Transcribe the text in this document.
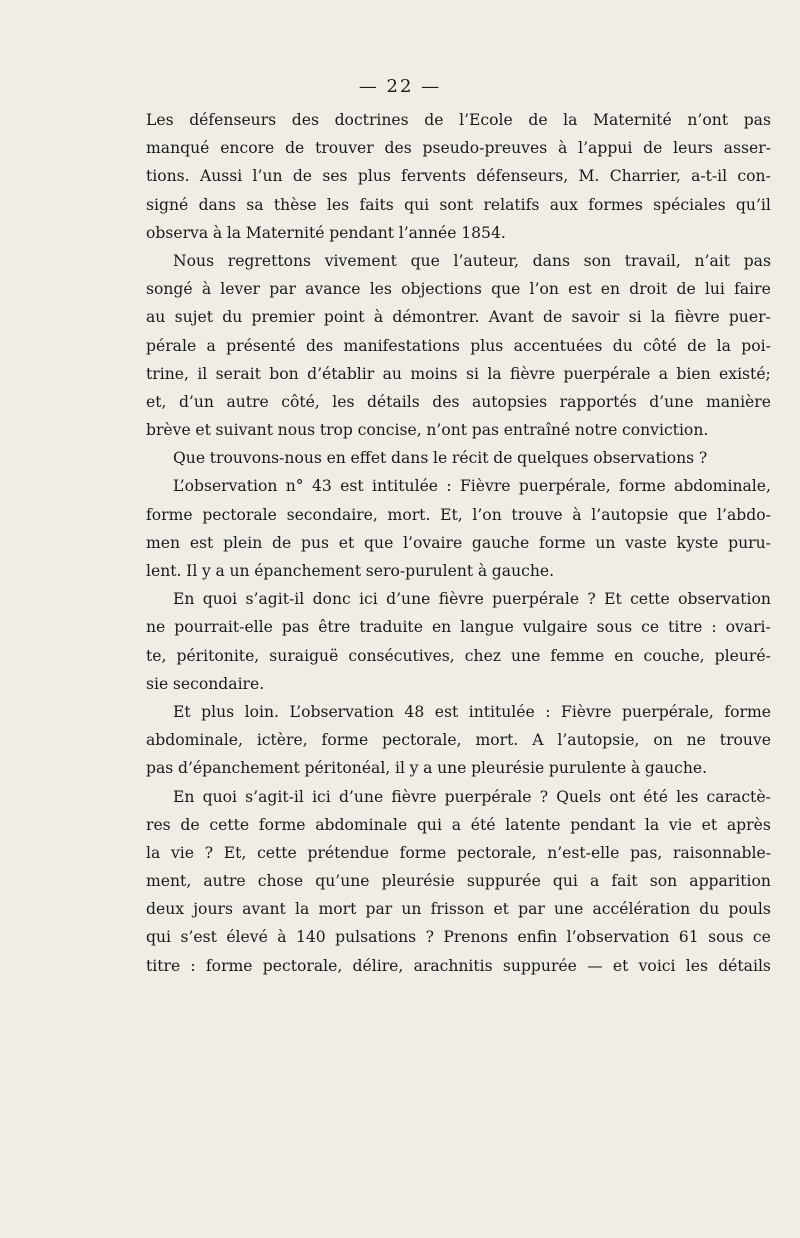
— 22 —
Les défenseurs des doctrines de l’Ecole de la Maternité n’ont pas
manqué encore de trouver des pseudo-preuves à l’appui de leurs asser-
tions. Aussi l’un de ses plus fervents défenseurs, M. Charrier, a-t-il con-
signé dans sa thèse les faits qui sont relatifs aux formes spéciales qu’il
observa à la Maternité pendant l’année 1854.
Nous regrettons vivement que l’auteur, dans son travail, n’ait pas
songé à lever par avance les objections que l’on est en droit de lui faire
au sujet du premier point à démontrer. Avant de savoir si la fièvre puer-
pérale a présenté des manifestations plus accentuées du côté de la poi-
trine, il serait bon d’établir au moins si la fièvre puerpérale a bien existé;
et, d’un autre côté, les détails des autopsies rapportés d’une manière
brève et suivant nous trop concise, n’ont pas entraîné notre conviction.
Que trouvons-nous en effet dans le récit de quelques observations ?
L’observation n° 43 est intitulée : Fièvre puerpérale, forme abdominale,
forme pectorale secondaire, mort. Et, l’on trouve à l’autopsie que l’abdo-
men est plein de pus et que l’ovaire gauche forme un vaste kyste puru-
lent. Il y a un épanchement sero-purulent à gauche.
En quoi s’agit-il donc ici d’une fièvre puerpérale ? Et cette observation
ne pourrait-elle pas être traduite en langue vulgaire sous ce titre : ovari-
te, péritonite, suraiguë consécutives, chez une femme en couche, pleuré-
sie secondaire.
Et plus loin. L’observation 48 est intitulée : Fièvre puerpérale, forme
abdominale, ictère, forme pectorale, mort. A l’autopsie, on ne trouve
pas d’épanchement péritonéal, il y a une pleurésie purulente à gauche.
En quoi s’agit-il ici d’une fièvre puerpérale ? Quels ont été les caractè-
res de cette forme abdominale qui a été latente pendant la vie et après
la vie ? Et, cette prétendue forme pectorale, n’est-elle pas, raisonnable-
ment, autre chose qu’une pleurésie suppurée qui a fait son apparition
deux jours avant la mort par un frisson et par une accélération du pouls
qui s’est élevé à 140 pulsations ? Prenons enfin l’observation 61 sous ce
titre : forme pectorale, délire, arachnitis suppurée — et voici les détails
